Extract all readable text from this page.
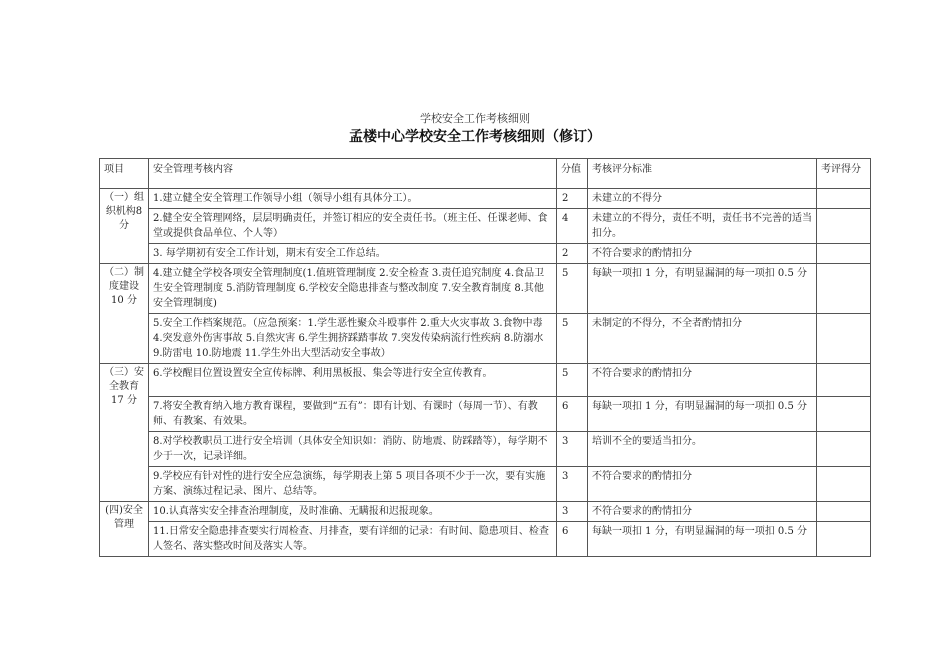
学校安全工作考核细则
孟楼中心学校安全工作考核细则（修订）
项目	安全管理考核内容	分值	考核评分标准	考评得分
（一）组织机构8 分	1.建立健全安全管理工作领导小组（领导小组有具体分工）。	2	未建立的不得分	
	2.健全安全管理网络，层层明确责任，并签订相应的安全责任书。（班主任、任课老师、食堂或提供食品单位、个人等）	4	未建立的不得分，责任不明，责任书不完善的适当扣分。	
	3. 每学期初有安全工作计划，期末有安全工作总结。	2	不符合要求的酌情扣分	
（二）制度建设10 分	4.建立健全学校各项安全管理制度(1.值班管理制度 2.安全检查 3.责任追究制度 4.食品卫生安全管理制度 5.消防管理制度 6.学校安全隐患排查与整改制度 7.安全教育制度 8.其他安全管理制度)	5	每缺一项扣 1 分，有明显漏洞的每一项扣 0.5 分	
	5.安全工作档案规范。（应急预案：1.学生恶性聚众斗殴事件 2.重大火灾事故 3.食物中毒 4.突发意外伤害事故 5.自然灾害 6.学生拥挤踩踏事故 7.突发传染病流行性疾病 8.防溺水 9.防雷电 10.防地震 11.学生外出大型活动安全事故）	5	未制定的不得分，不全者酌情扣分	
（三）安全教育17 分	6.学校醒目位置设置安全宣传标牌、利用黑板报、集会等进行安全宣传教育。	5	不符合要求的酌情扣分	
	7.将安全教育纳入地方教育课程，要做到“五有”：即有计划、有课时（每周一节）、有教师、有教案、有效果。	6	每缺一项扣 1 分，有明显漏洞的每一项扣 0.5 分	
	8.对学校教职员工进行安全培训（具体安全知识如：消防、防地震、防踩踏等），每学期不少于一次，记录详细。	3	培训不全的要适当扣分。	
	9.学校应有针对性的进行安全应急演练，每学期表上第 5 项目各项不少于一次，要有实施方案、演练过程记录、图片、总结等。	3	不符合要求的酌情扣分	
(四)安全管理	10.认真落实安全排查治理制度，及时准确、无瞒报和迟报现象。	3	不符合要求的酌情扣分	
	11.日常安全隐患排查要实行周检查、月排查，要有详细的记录：有时间、隐患项目、检查人签名、落实整改时间及落实人等。	6	每缺一项扣 1 分，有明显漏洞的每一项扣 0.5 分	
